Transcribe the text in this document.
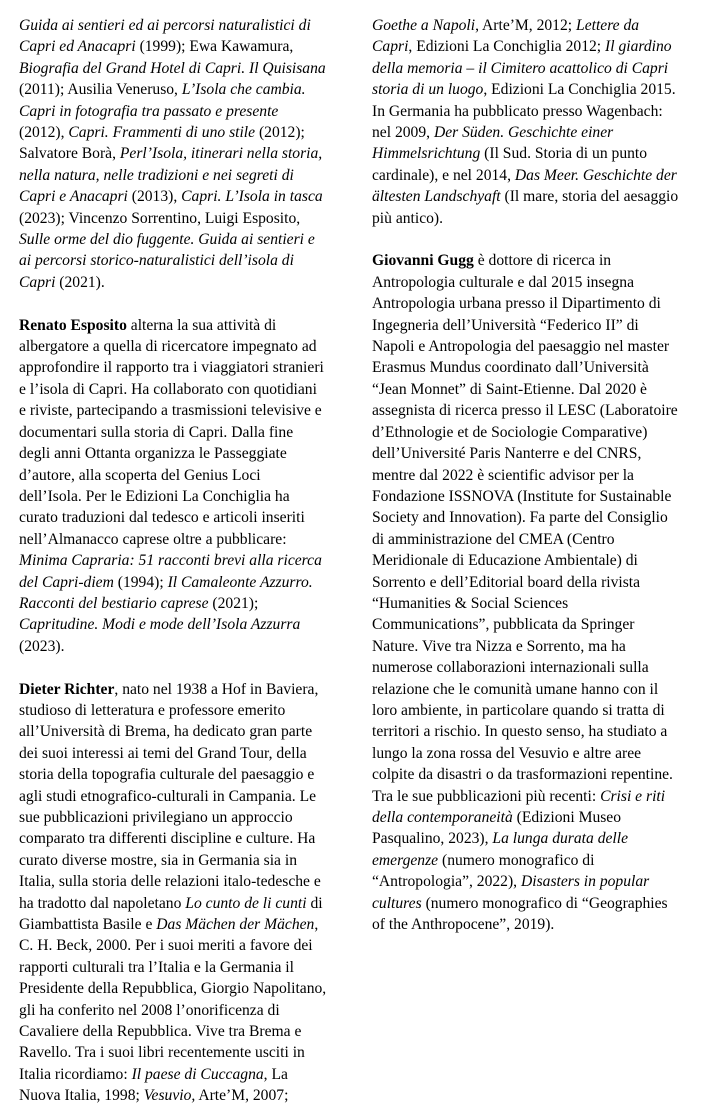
Guida ai sentieri ed ai percorsi naturalistici di
Capri ed Anacapri (1999); Ewa Kawamura,
Biografia del Grand Hotel di Capri. Il Quisisana
(2011); Ausilia Veneruso, L’Isola che cambia.
Capri in fotografia tra passato e presente
(2012), Capri. Frammenti di uno stile (2012);
Salvatore Borà, Perl’Isola, itinerari nella storia,
nella natura, nelle tradizioni e nei segreti di
Capri e Anacapri (2013), Capri. L’Isola in tasca
(2023); Vincenzo Sorrentino, Luigi Esposito,
Sulle orme del dio fuggente. Guida ai sentieri e
ai percorsi storico-naturalistici dell’isola di
Capri (2021).
Renato Esposito alterna la sua attività di
albergatore a quella di ricercatore impegnato ad
approfondire il rapporto tra i viaggiatori stranieri
e l’isola di Capri. Ha collaborato con quotidiani
e riviste, partecipando a trasmissioni televisive e
documentari sulla storia di Capri. Dalla fine
degli anni Ottanta organizza le Passeggiate
d’autore, alla scoperta del Genius Loci
dell’Isola. Per le Edizioni La Conchiglia ha
curato traduzioni dal tedesco e articoli inseriti
nell’Almanacco caprese oltre a pubblicare:
Minima Capraria: 51 racconti brevi alla ricerca
del Capri-diem (1994); Il Camaleonte Azzurro.
Racconti del bestiario caprese (2021);
Capritudine. Modi e mode dell’Isola Azzurra
(2023).
Dieter Richter, nato nel 1938 a Hof in Baviera,
studioso di letteratura e professore emerito
all’Università di Brema, ha dedicato gran parte
dei suoi interessi ai temi del Grand Tour, della
storia della topografia culturale del paesaggio e
agli studi etnografico-culturali in Campania. Le
sue pubblicazioni privilegiano un approccio
comparato tra differenti discipline e culture. Ha
curato diverse mostre, sia in Germania sia in
Italia, sulla storia delle relazioni italo-tedesche e
ha tradotto dal napoletano Lo cunto de li cunti di
Giambattista Basile e Das Mächen der Mächen,
C. H. Beck, 2000. Per i suoi meriti a favore dei
rapporti culturali tra l’Italia e la Germania il
Presidente della Repubblica, Giorgio Napolitano,
gli ha conferito nel 2008 l’onorificenza di
Cavaliere della Repubblica. Vive tra Brema e
Ravello. Tra i suoi libri recentemente usciti in
Italia ricordiamo: Il paese di Cuccagna, La
Nuova Italia, 1998; Vesuvio, Arte’M, 2007;
Goethe a Napoli, Arte’M, 2012; Lettere da
Capri, Edizioni La Conchiglia 2012; Il giardino
della memoria – il Cimitero acattolico di Capri
storia di un luogo, Edizioni La Conchiglia 2015.
In Germania ha pubblicato presso Wagenbach:
nel 2009, Der Süden. Geschichte einer
Himmelsrichtung (Il Sud. Storia di un punto
cardinale), e nel 2014, Das Meer. Geschichte der
ältesten Landschyaft (Il mare, storia del aesaggio
più antico).
Giovanni Gugg è dottore di ricerca in
Antropologia culturale e dal 2015 insegna
Antropologia urbana presso il Dipartimento di
Ingegneria dell’Università “Federico II” di
Napoli e Antropologia del paesaggio nel master
Erasmus Mundus coordinato dall’Università
“Jean Monnet” di Saint-Etienne. Dal 2020 è
assegnista di ricerca presso il LESC (Laboratoire
d’Ethnologie et de Sociologie Comparative)
dell’Université Paris Nanterre e del CNRS,
mentre dal 2022 è scientific advisor per la
Fondazione ISSNOVA (Institute for Sustainable
Society and Innovation). Fa parte del Consiglio
di amministrazione del CMEA (Centro
Meridionale di Educazione Ambientale) di
Sorrento e dell’Editorial board della rivista
“Humanities & Social Sciences
Communications”, pubblicata da Springer
Nature. Vive tra Nizza e Sorrento, ma ha
numerose collaborazioni internazionali sulla
relazione che le comunità umane hanno con il
loro ambiente, in particolare quando si tratta di
territori a rischio. In questo senso, ha studiato a
lungo la zona rossa del Vesuvio e altre aree
colpite da disastri o da trasformazioni repentine.
Tra le sue pubblicazioni più recenti: Crisi e riti
della contemporaneità (Edizioni Museo
Pasqualino, 2023), La lunga durata delle
emergenze (numero monografico di
“Antropologia”, 2022), Disasters in popular
cultures (numero monografico di “Geographies
of the Anthropocene”, 2019).
